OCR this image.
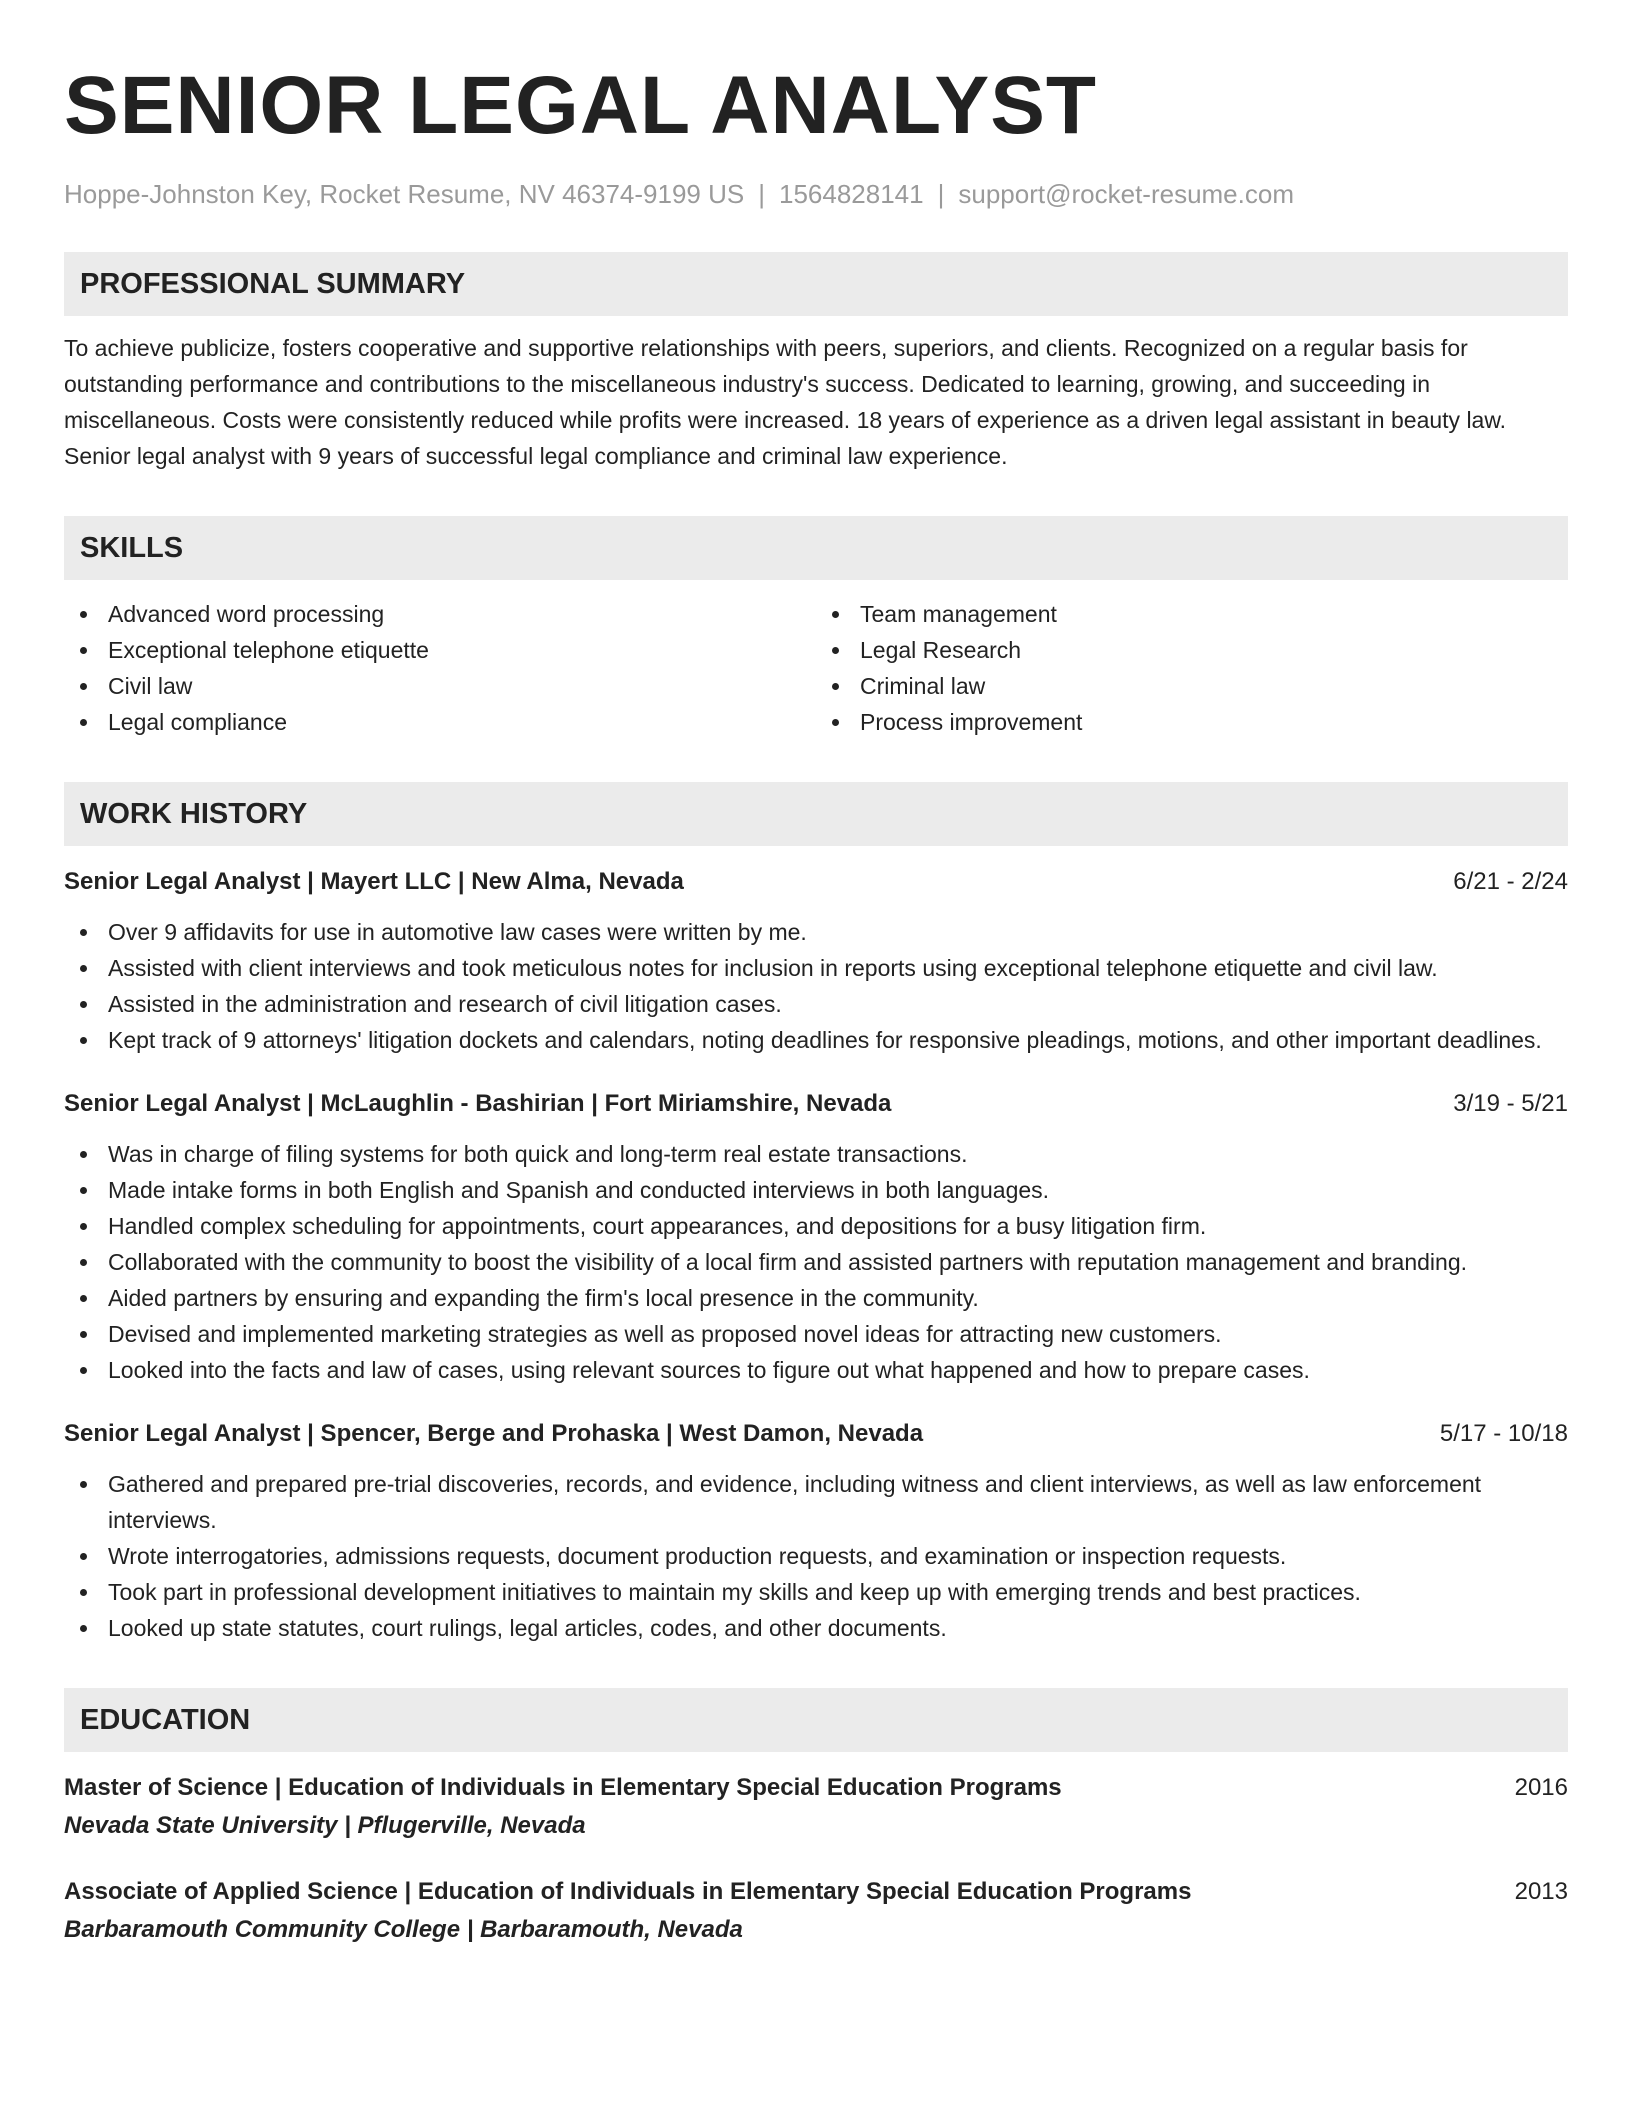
SENIOR LEGAL ANALYST
Hoppe-Johnston Key, Rocket Resume, NV 46374-9199 US | 1564828141 | support@rocket-resume.com
PROFESSIONAL SUMMARY

To achieve publicize, fosters cooperative and supportive relationships with peers, superiors, and clients. Recognized on a regular basis for outstanding performance and contributions to the miscellaneous industry's success. Dedicated to learning, growing, and succeeding in miscellaneous. Costs were consistently reduced while profits were increased. 18 years of experience as a driven legal assistant in beauty law. Senior legal analyst with 9 years of successful legal compliance and criminal law experience.

SKILLS
Advanced word processing
Exceptional telephone etiquette
Civil law
Legal compliance
Team management
Legal Research
Criminal law
Process improvement
WORK HISTORY
Senior Legal Analyst | Mayert LLC | New Alma, Nevada	6/21 - 2/24
Over 9 affidavits for use in automotive law cases were written by me.
Assisted with client interviews and took meticulous notes for inclusion in reports using exceptional telephone etiquette and civil law.
Assisted in the administration and research of civil litigation cases.
Kept track of 9 attorneys' litigation dockets and calendars, noting deadlines for responsive pleadings, motions, and other important deadlines.
Senior Legal Analyst | McLaughlin - Bashirian | Fort Miriamshire, Nevada	3/19 - 5/21
Was in charge of filing systems for both quick and long-term real estate transactions.
Made intake forms in both English and Spanish and conducted interviews in both languages.
Handled complex scheduling for appointments, court appearances, and depositions for a busy litigation firm.
Collaborated with the community to boost the visibility of a local firm and assisted partners with reputation management and branding.
Aided partners by ensuring and expanding the firm's local presence in the community.
Devised and implemented marketing strategies as well as proposed novel ideas for attracting new customers.
Looked into the facts and law of cases, using relevant sources to figure out what happened and how to prepare cases.
Senior Legal Analyst | Spencer, Berge and Prohaska | West Damon, Nevada	5/17 - 10/18
Gathered and prepared pre-trial discoveries, records, and evidence, including witness and client interviews, as well as law enforcement interviews.
Wrote interrogatories, admissions requests, document production requests, and examination or inspection requests.
Took part in professional development initiatives to maintain my skills and keep up with emerging trends and best practices.
Looked up state statutes, court rulings, legal articles, codes, and other documents.
EDUCATION
Master of Science | Education of Individuals in Elementary Special Education Programs	2016
Nevada State University | Pflugerville, Nevada
Associate of Applied Science | Education of Individuals in Elementary Special Education Programs	2013
Barbaramouth Community College | Barbaramouth, Nevada
